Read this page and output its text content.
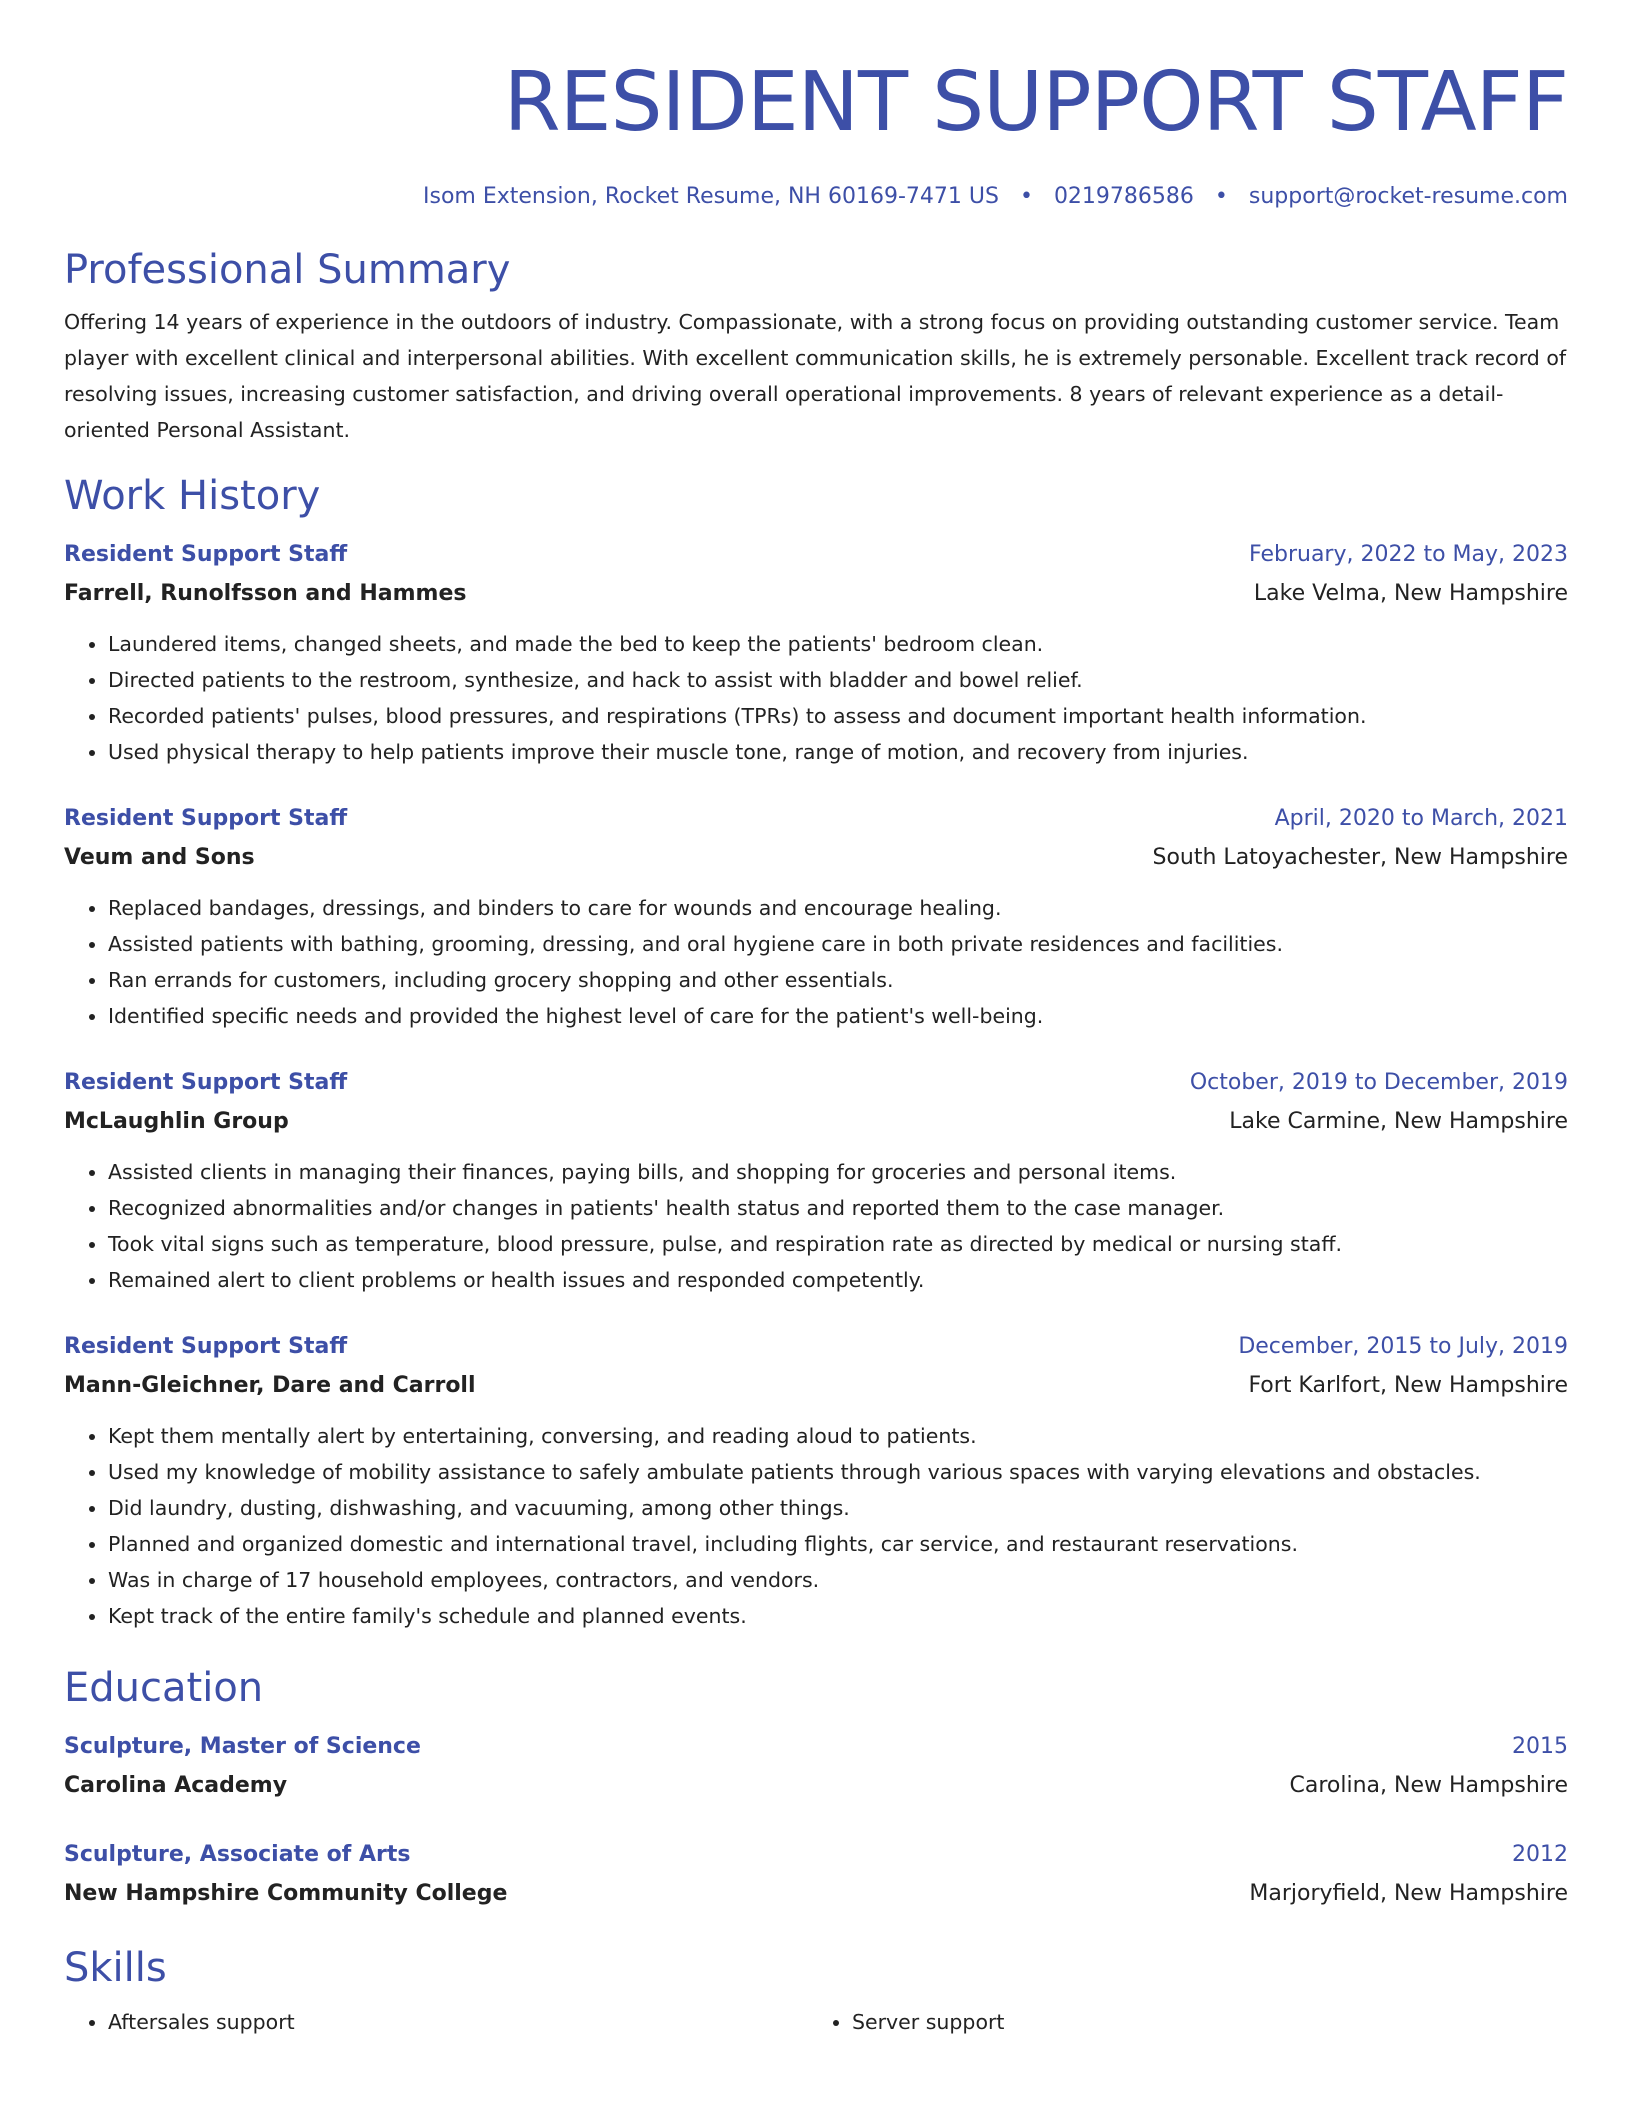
RESIDENT SUPPORT STAFF
Isom Extension, Rocket Resume, NH 60169-7471 US • 0219786586 • support@rocket-resume.com
Professional Summary
Offering 14 years of experience in the outdoors of industry. Compassionate, with a strong focus on providing outstanding customer service. Team player with excellent clinical and interpersonal abilities. With excellent communication skills, he is extremely personable. Excellent track record of resolving issues, increasing customer satisfaction, and driving overall operational improvements. 8 years of relevant experience as a detail-oriented Personal Assistant.
Work History
Resident Support Staff	February, 2022 to May, 2023
Farrell, Runolfsson and Hammes	Lake Velma, New Hampshire
• Laundered items, changed sheets, and made the bed to keep the patients' bedroom clean.
• Directed patients to the restroom, synthesize, and hack to assist with bladder and bowel relief.
• Recorded patients' pulses, blood pressures, and respirations (TPRs) to assess and document important health information.
• Used physical therapy to help patients improve their muscle tone, range of motion, and recovery from injuries.
Resident Support Staff	April, 2020 to March, 2021
Veum and Sons	South Latoyachester, New Hampshire
• Replaced bandages, dressings, and binders to care for wounds and encourage healing.
• Assisted patients with bathing, grooming, dressing, and oral hygiene care in both private residences and facilities.
• Ran errands for customers, including grocery shopping and other essentials.
• Identified specific needs and provided the highest level of care for the patient's well-being.
Resident Support Staff	October, 2019 to December, 2019
McLaughlin Group	Lake Carmine, New Hampshire
• Assisted clients in managing their finances, paying bills, and shopping for groceries and personal items.
• Recognized abnormalities and/or changes in patients' health status and reported them to the case manager.
• Took vital signs such as temperature, blood pressure, pulse, and respiration rate as directed by medical or nursing staff.
• Remained alert to client problems or health issues and responded competently.
Resident Support Staff	December, 2015 to July, 2019
Mann-Gleichner, Dare and Carroll	Fort Karlfort, New Hampshire
• Kept them mentally alert by entertaining, conversing, and reading aloud to patients.
• Used my knowledge of mobility assistance to safely ambulate patients through various spaces with varying elevations and obstacles.
• Did laundry, dusting, dishwashing, and vacuuming, among other things.
• Planned and organized domestic and international travel, including flights, car service, and restaurant reservations.
• Was in charge of 17 household employees, contractors, and vendors.
• Kept track of the entire family's schedule and planned events.
Education
Sculpture, Master of Science	2015
Carolina Academy	Carolina, New Hampshire
Sculpture, Associate of Arts	2012
New Hampshire Community College	Marjoryfield, New Hampshire
Skills
• Aftersales support
•	Server support
